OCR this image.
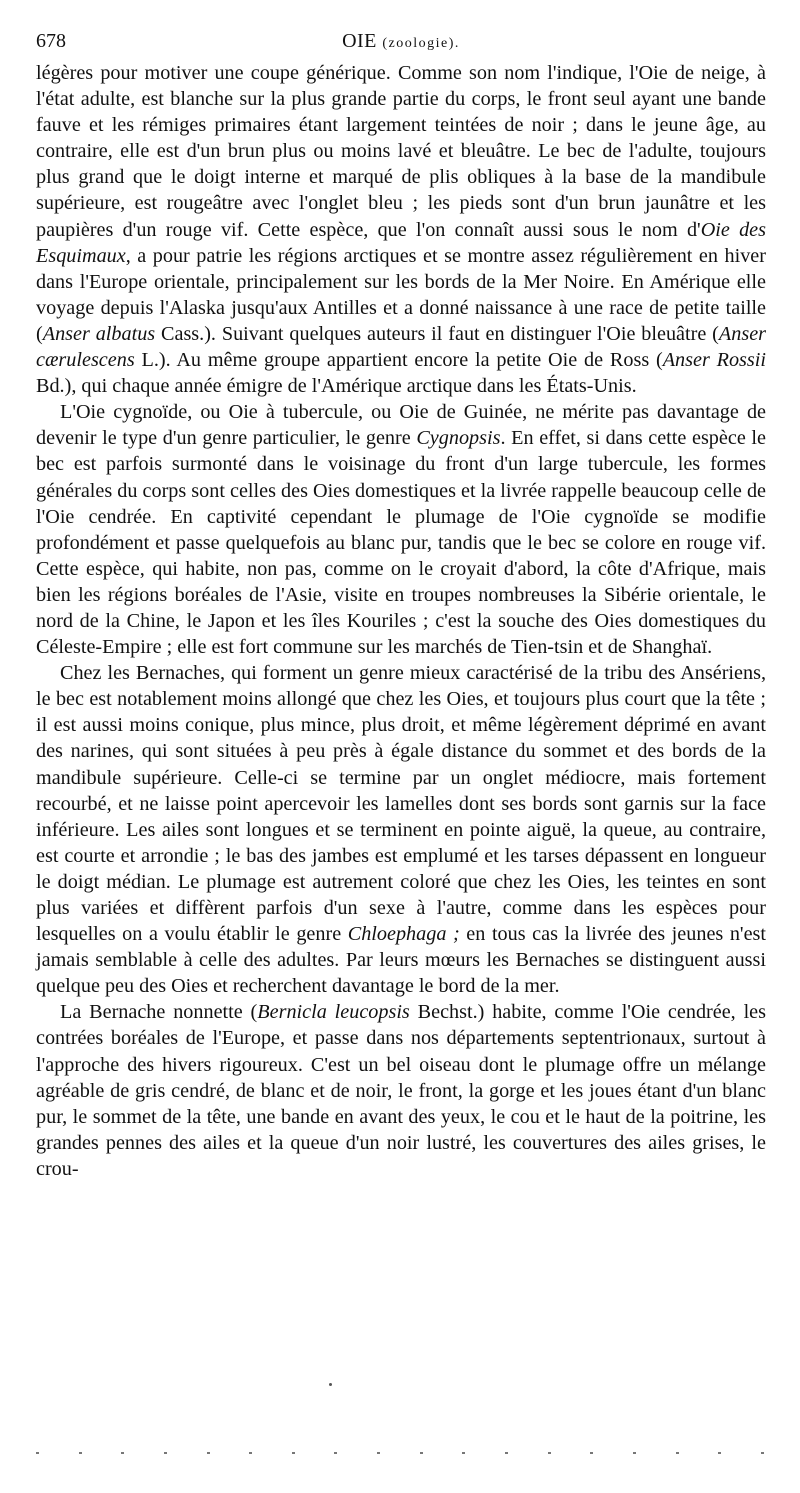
678	OIE (zoologie).

légères pour motiver une coupe générique. Comme son nom l'indique, l'Oie de neige, à l'état adulte, est blanche sur la plus grande partie du corps, le front seul ayant une bande fauve et les rémiges primaires étant largement teintées de noir ; dans le jeune âge, au contraire, elle est d'un brun plus ou moins lavé et bleuâtre. Le bec de l'adulte, toujours plus grand que le doigt interne et marqué de plis obliques à la base de la mandibule supérieure, est rougeâtre avec l'onglet bleu ; les pieds sont d'un brun jaunâtre et les paupières d'un rouge vif. Cette espèce, que l'on connaît aussi sous le nom d'Oie des Esquimaux, a pour patrie les régions arctiques et se montre assez régulièrement en hiver dans l'Europe orientale, principalement sur les bords de la Mer Noire. En Amérique elle voyage depuis l'Alaska jusqu'aux Antilles et a donné naissance à une race de petite taille (Anser albatus Cass.). Suivant quelques auteurs il faut en distinguer l'Oie bleuâtre (Anser cærulescens L.). Au même groupe appartient encore la petite Oie de Ross (Anser Rossii Bd.), qui chaque année émigre de l'Amérique arctique dans les États-Unis.

L'Oie cygnoïde, ou Oie à tubercule, ou Oie de Guinée, ne mérite pas davantage de devenir le type d'un genre particulier, le genre Cygnopsis. En effet, si dans cette espèce le bec est parfois surmonté dans le voisinage du front d'un large tubercule, les formes générales du corps sont celles des Oies domestiques et la livrée rappelle beaucoup celle de l'Oie cendrée. En captivité cependant le plumage de l'Oie cygnoïde se modifie profondément et passe quelquefois au blanc pur, tandis que le bec se colore en rouge vif. Cette espèce, qui habite, non pas, comme on le croyait d'abord, la côte d'Afrique, mais bien les régions boréales de l'Asie, visite en troupes nombreuses la Sibérie orientale, le nord de la Chine, le Japon et les îles Kouriles ; c'est la souche des Oies domestiques du Céleste-Empire ; elle est fort commune sur les marchés de Tien-tsin et de Shanghaï.

Chez les Bernaches, qui forment un genre mieux caractérisé de la tribu des Ansériens, le bec est notablement moins allongé que chez les Oies, et toujours plus court que la tête ; il est aussi moins conique, plus mince, plus droit, et même légèrement déprimé en avant des narines, qui sont situées à peu près à égale distance du sommet et des bords de la mandibule supérieure. Celle-ci se termine par un onglet médiocre, mais fortement recourbé, et ne laisse point apercevoir les lamelles dont ses bords sont garnis sur la face inférieure. Les ailes sont longues et se terminent en pointe aiguë, la queue, au contraire, est courte et arrondie ; le bas des jambes est emplumé et les tarses dépassent en longueur le doigt médian. Le plumage est autrement coloré que chez les Oies, les teintes en sont plus variées et diffèrent parfois d'un sexe à l'autre, comme dans les espèces pour lesquelles on a voulu établir le genre Chloephaga ; en tous cas la livrée des jeunes n'est jamais semblable à celle des adultes. Par leurs mœurs les Bernaches se distinguent aussi quelque peu des Oies et recherchent davantage le bord de la mer.

La Bernache nonnette (Bernicla leucopsis Bechst.) habite, comme l'Oie cendrée, les contrées boréales de l'Europe, et passe dans nos départements septentrionaux, surtout à l'approche des hivers rigoureux. C'est un bel oiseau dont le plumage offre un mélange agréable de gris cendré, de blanc et de noir, le front, la gorge et les joues étant d'un blanc pur, le sommet de la tête, une bande en avant des yeux, le cou et le haut de la poitrine, les grandes pennes des ailes et la queue d'un noir lustré, les couvertures des ailes grises, le crou-
